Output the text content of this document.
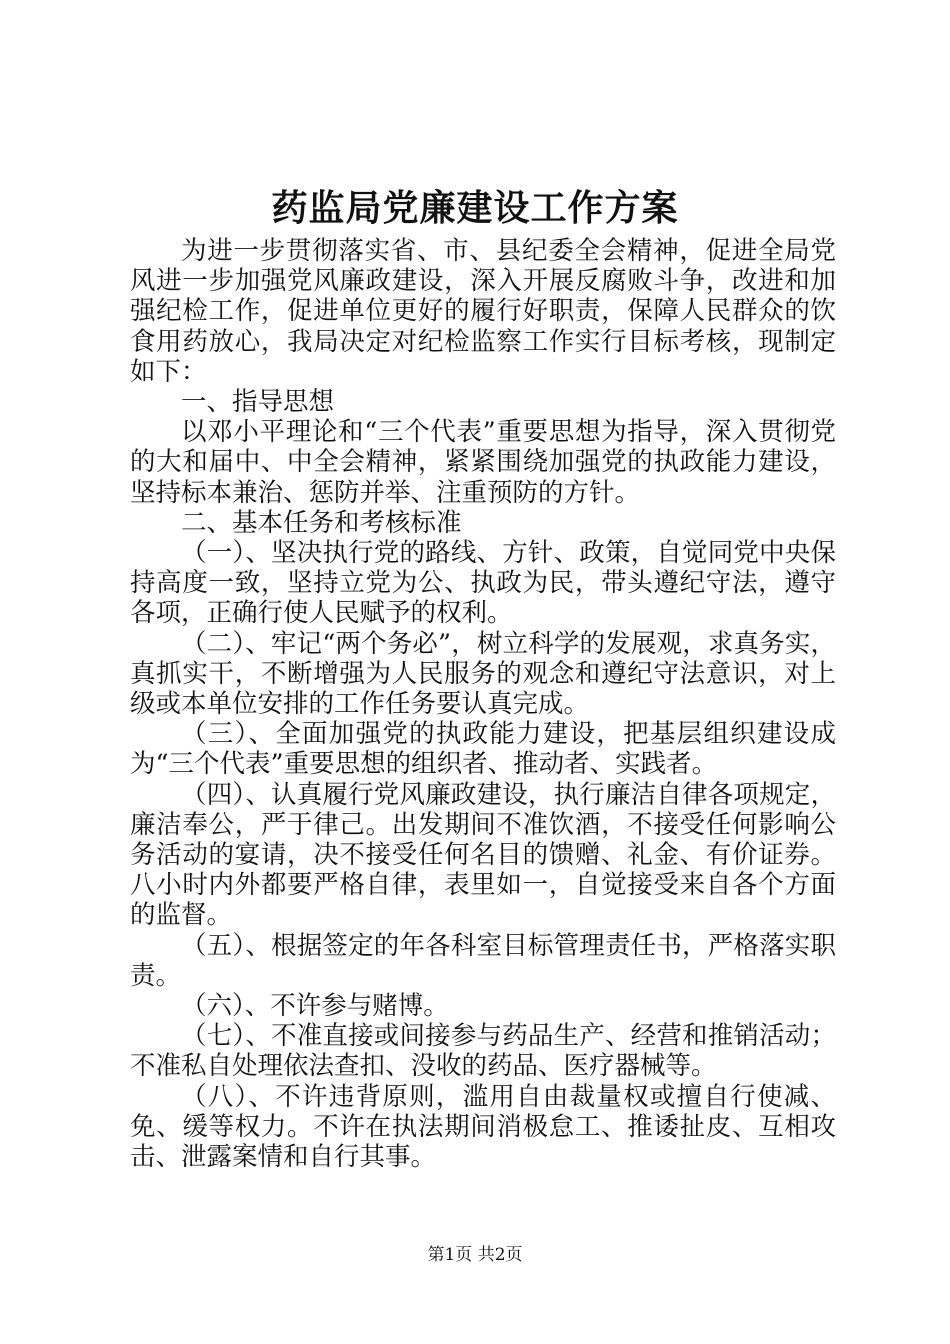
药监局党廉建设工作方案

为进一步贯彻落实省、市、县纪委全会精神，促进全局党风进一步加强党风廉政建设，深入开展反腐败斗争，改进和加强纪检工作，促进单位更好的履行好职责，保障人民群众的饮食用药放心，我局决定对纪检监察工作实行目标考核，现制定如下：

一、指导思想

以邓小平理论和“三个代表”重要思想为指导，深入贯彻党的大和届中、中全会精神，紧紧围绕加强党的执政能力建设，坚持标本兼治、惩防并举、注重预防的方针。

二、基本任务和考核标准

（一）、坚决执行党的路线、方针、政策，自觉同党中央保持高度一致，坚持立党为公、执政为民，带头遵纪守法，遵守各项，正确行使人民赋予的权利。

（二）、牢记“两个务必”，树立科学的发展观，求真务实，真抓实干，不断增强为人民服务的观念和遵纪守法意识，对上级或本单位安排的工作任务要认真完成。

（三）、全面加强党的执政能力建设，把基层组织建设成为“三个代表”重要思想的组织者、推动者、实践者。

（四）、认真履行党风廉政建设，执行廉洁自律各项规定，廉洁奉公，严于律己。出发期间不准饮酒，不接受任何影响公务活动的宴请，决不接受任何名目的馈赠、礼金、有价证券。八小时内外都要严格自律，表里如一，自觉接受来自各个方面的监督。

（五）、根据签定的年各科室目标管理责任书，严格落实职责。

（六）、不许参与赌博。

（七）、不准直接或间接参与药品生产、经营和推销活动；不准私自处理依法查扣、没收的药品、医疗器械等。

（八）、不许违背原则，滥用自由裁量权或擅自行使减、免、缓等权力。不许在执法期间消极怠工、推诿扯皮、互相攻击、泄露案情和自行其事。

第1页 共2页
